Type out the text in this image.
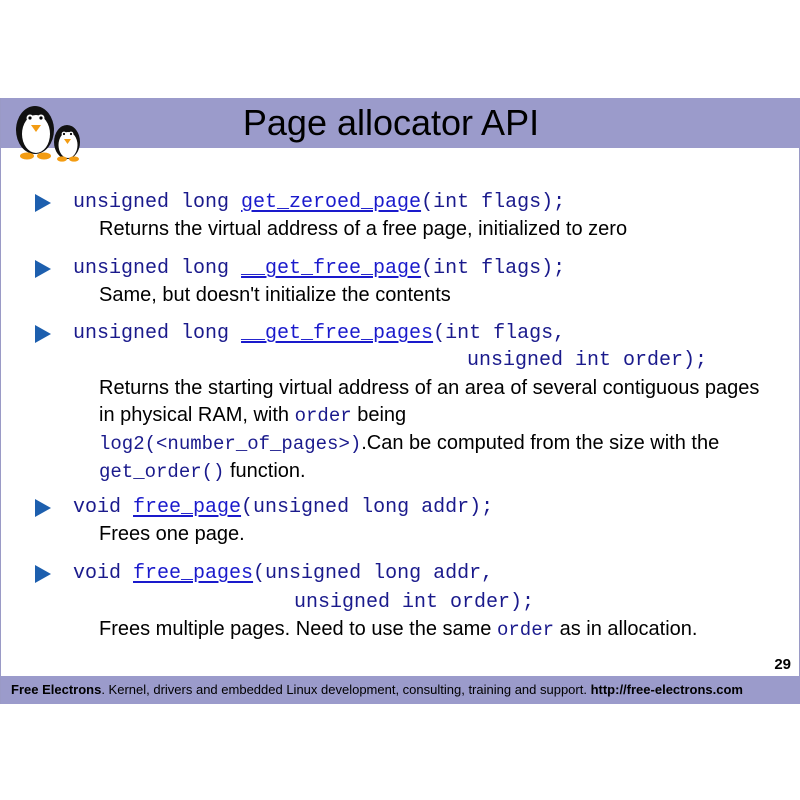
Page allocator API
unsigned long get_zeroed_page(int flags);
Returns the virtual address of a free page, initialized to zero
unsigned long __get_free_page(int flags);
Same, but doesn't initialize the contents
unsigned long __get_free_pages(int flags,
unsigned int order);
Returns the starting virtual address of an area of several contiguous pages in physical RAM, with order being
log2(<number_of_pages>).Can be computed from the size with the get_order() function.
void free_page(unsigned long addr);
Frees one page.
void free_pages(unsigned long addr,
unsigned int order);
Frees multiple pages. Need to use the same order as in allocation.
29
Free Electrons. Kernel, drivers and embedded Linux development, consulting, training and support. http://free-electrons.com
